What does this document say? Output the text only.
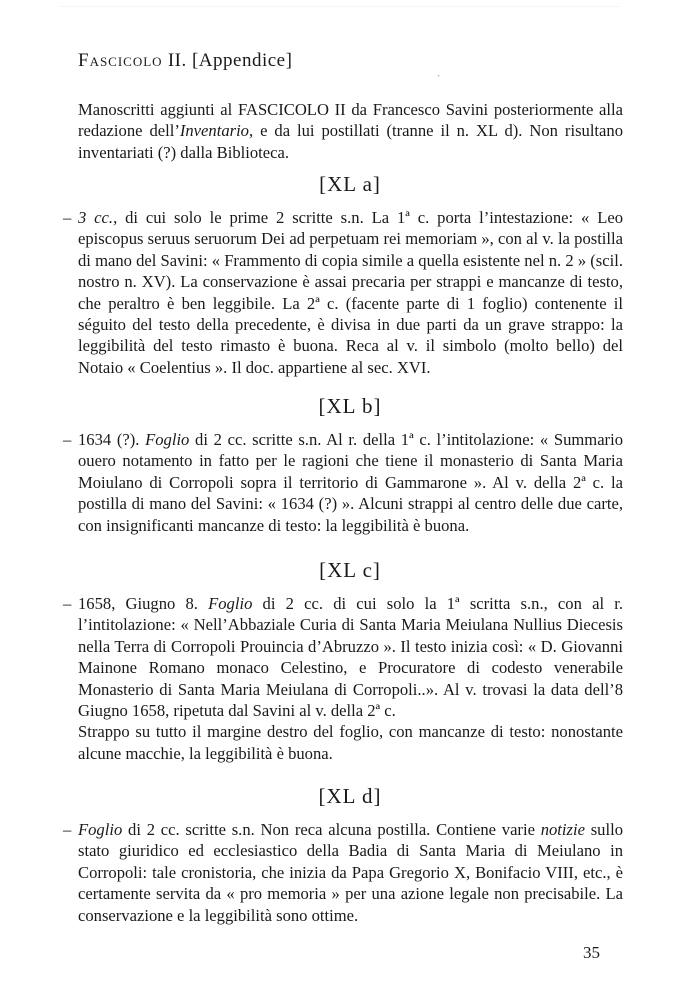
Fascicolo II. [Appendice]
ˎ
Manoscritti aggiunti al FASCICOLO II da Francesco Savini posteriormente alla redazione dell’Inventario, e da lui postillati (tranne il n. XL d). Non risultano inventariati (?) dalla Biblioteca.
[XL a]
– 3 cc., di cui solo le prime 2 scritte s.n. La 1ª c. porta l’intestazione: « Leo episcopus seruus seruorum Dei ad perpetuam rei memoriam », con al v. la postilla di mano del Savini: « Frammento di copia simile a quella esistente nel n. 2 » (scil. nostro n. XV). La conservazione è assai precaria per strappi e mancanze di testo, che peraltro è ben leggibile. La 2ª c. (facente parte di 1 foglio) contenente il séguito del testo della precedente, è divisa in due parti da un grave strappo: la leggibilità del testo rimasto è buona. Reca al v. il simbolo (molto bello) del Notaio « Coelentius ». Il doc. appartiene al sec. XVI.

[XL b]
– 1634 (?). Foglio di 2 cc. scritte s.n. Al r. della 1ª c. l’intitolazione: « Summario ouero notamento in fatto per le ragioni che tiene il monasterio di Santa Maria Moiulano di Corropoli sopra il territorio di Gammarone ». Al v. della 2ª c. la postilla di mano del Savini: « 1634 (?) ». Alcuni strappi al centro delle due carte, con insignificanti mancanze di testo: la leggibilità è buona.

[XL c]
– 1658, Giugno 8. Foglio di 2 cc. di cui solo la 1ª scritta s.n., con al r. l’intitolazione: « Nell’Abbaziale Curia di Santa Maria Meiulana Nullius Diecesis nella Terra di Corropoli Prouincia d’Abruzzo ». Il testo inizia così: « D. Giovanni Mainone Romano monaco Celestino, e Procuratore di codesto venerabile Monasterio di Santa Maria Meiulana di Corropoli..». Al v. trovasi la data dell’8 Giugno 1658, ripetuta dal Savini al v. della 2ª c.

Strappo su tutto il margine destro del foglio, con mancanze di testo: nonostante alcune macchie, la leggibilità è buona.

[XL d]
– Foglio di 2 cc. scritte s.n. Non reca alcuna postilla. Contiene varie notizie sullo stato giuridico ed ecclesiastico della Badia di Santa Maria di Meiulano in Corropoli: tale cronistoria, che inizia da Papa Gregorio X, Bonifacio VIII, etc., è certamente servita da « pro memoria » per una azione legale non precisabile. La conservazione e la leggibilità sono ottime.

35
